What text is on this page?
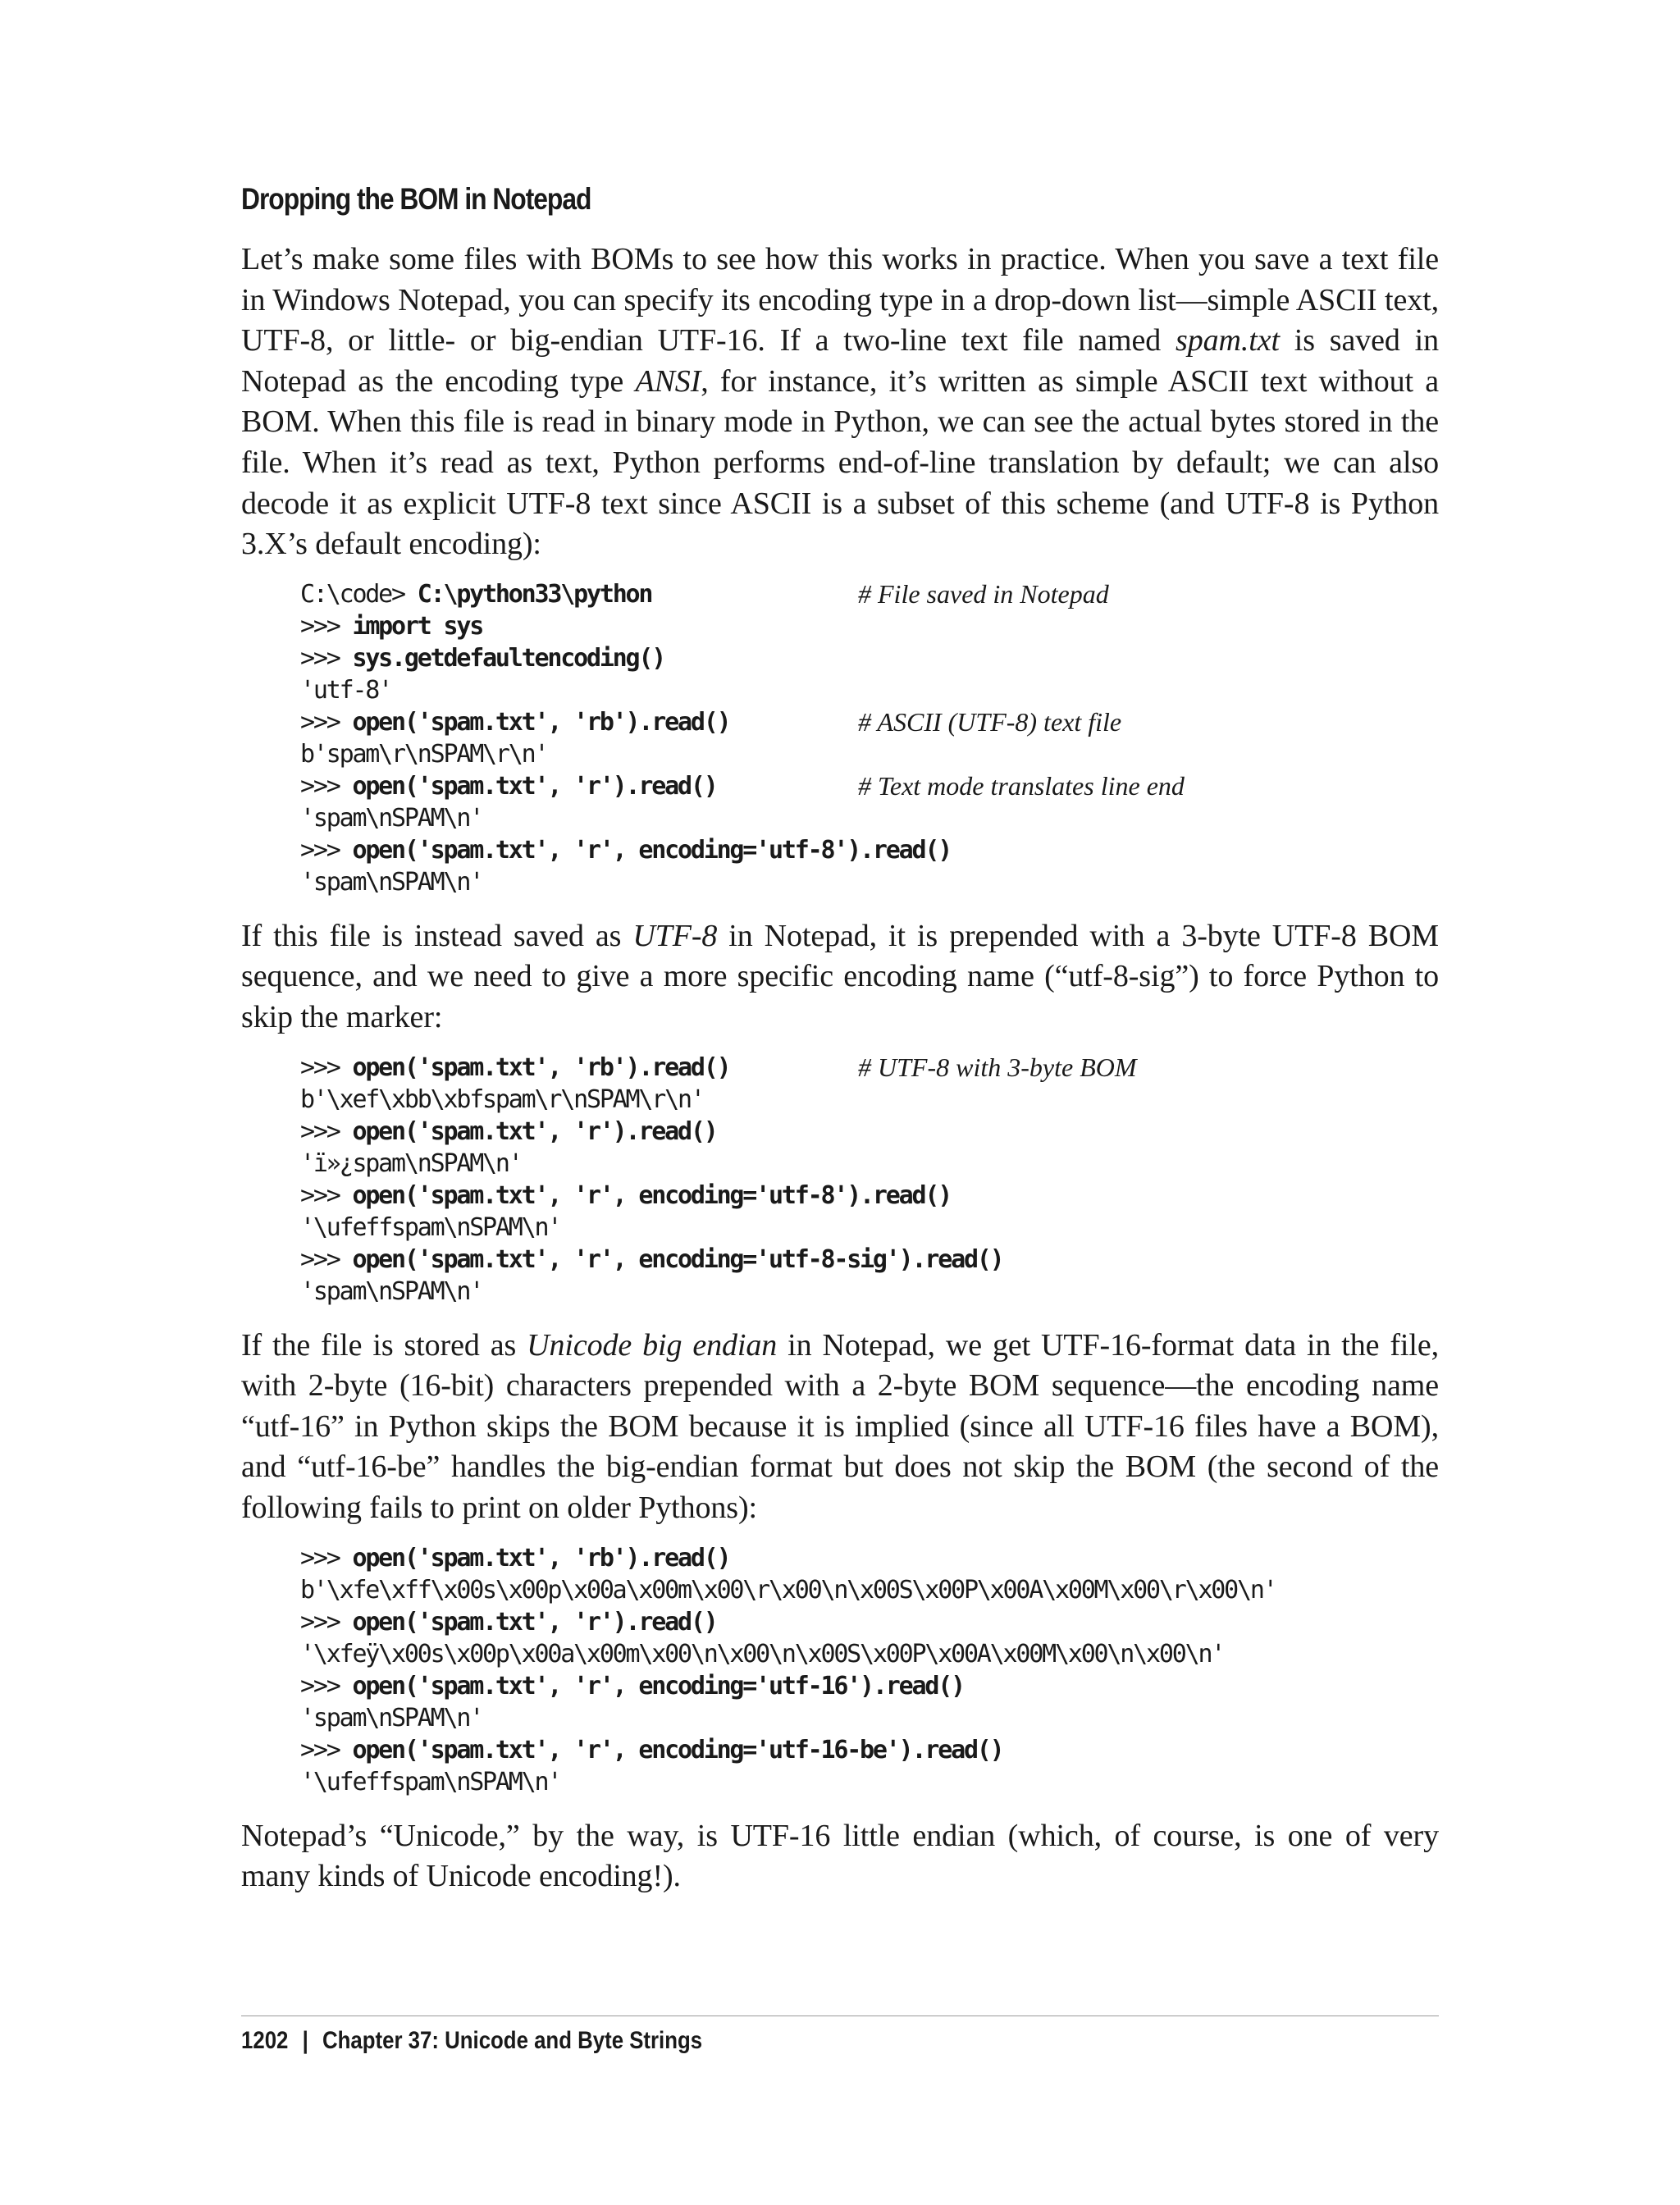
Dropping the BOM in Notepad

Let’s make some files with BOMs to see how this works in practice. When you save a text file in Windows Notepad, you can specify its encoding type in a drop-down list—simple ASCII text, UTF-8, or little- or big-endian UTF-16. If a two-line text file named spam.txt is saved in Notepad as the encoding type ANSI, for instance, it’s written as simple ASCII text without a BOM. When this file is read in binary mode in Python, we can see the actual bytes stored in the file. When it’s read as text, Python performs end-of-line translation by default; we can also decode it as explicit UTF-8 text since ASCII is a subset of this scheme (and UTF-8 is Python 3.X’s default encoding):

C:\code> C:\python33\python	# File saved in Notepad
>>> import sys
>>> sys.getdefaultencoding()
'utf-8'
>>> open('spam.txt', 'rb').read()	# ASCII (UTF-8) text file
b'spam\r\nSPAM\r\n'
>>> open('spam.txt', 'r').read()	# Text mode translates line end
'spam\nSPAM\n'
>>> open('spam.txt', 'r', encoding='utf-8').read()
'spam\nSPAM\n'

If this file is instead saved as UTF-8 in Notepad, it is prepended with a 3-byte UTF-8 BOM sequence, and we need to give a more specific encoding name (“utf-8-sig”) to force Python to skip the marker:

>>> open('spam.txt', 'rb').read()	# UTF-8 with 3-byte BOM
b'\xef\xbb\xbfspam\r\nSPAM\r\n'
>>> open('spam.txt', 'r').read()
'ï»¿spam\nSPAM\n'
>>> open('spam.txt', 'r', encoding='utf-8').read()
'\ufeffspam\nSPAM\n'
>>> open('spam.txt', 'r', encoding='utf-8-sig').read()
'spam\nSPAM\n'

If the file is stored as Unicode big endian in Notepad, we get UTF-16-format data in the file, with 2-byte (16-bit) characters prepended with a 2-byte BOM sequence—the encoding name “utf-16” in Python skips the BOM because it is implied (since all UTF-16 files have a BOM), and “utf-16-be” handles the big-endian format but does not skip the BOM (the second of the following fails to print on older Pythons):

>>> open('spam.txt', 'rb').read()
b'\xfe\xff\x00s\x00p\x00a\x00m\x00\r\x00\n\x00S\x00P\x00A\x00M\x00\r\x00\n'
>>> open('spam.txt', 'r').read()
'\xfeÿ\x00s\x00p\x00a\x00m\x00\n\x00\n\x00S\x00P\x00A\x00M\x00\n\x00\n'
>>> open('spam.txt', 'r', encoding='utf-16').read()
'spam\nSPAM\n'
>>> open('spam.txt', 'r', encoding='utf-16-be').read()
'\ufeffspam\nSPAM\n'

Notepad’s “Unicode,” by the way, is UTF-16 little endian (which, of course, is one of very many kinds of Unicode encoding!).

1202 | Chapter 37: Unicode and Byte Strings
